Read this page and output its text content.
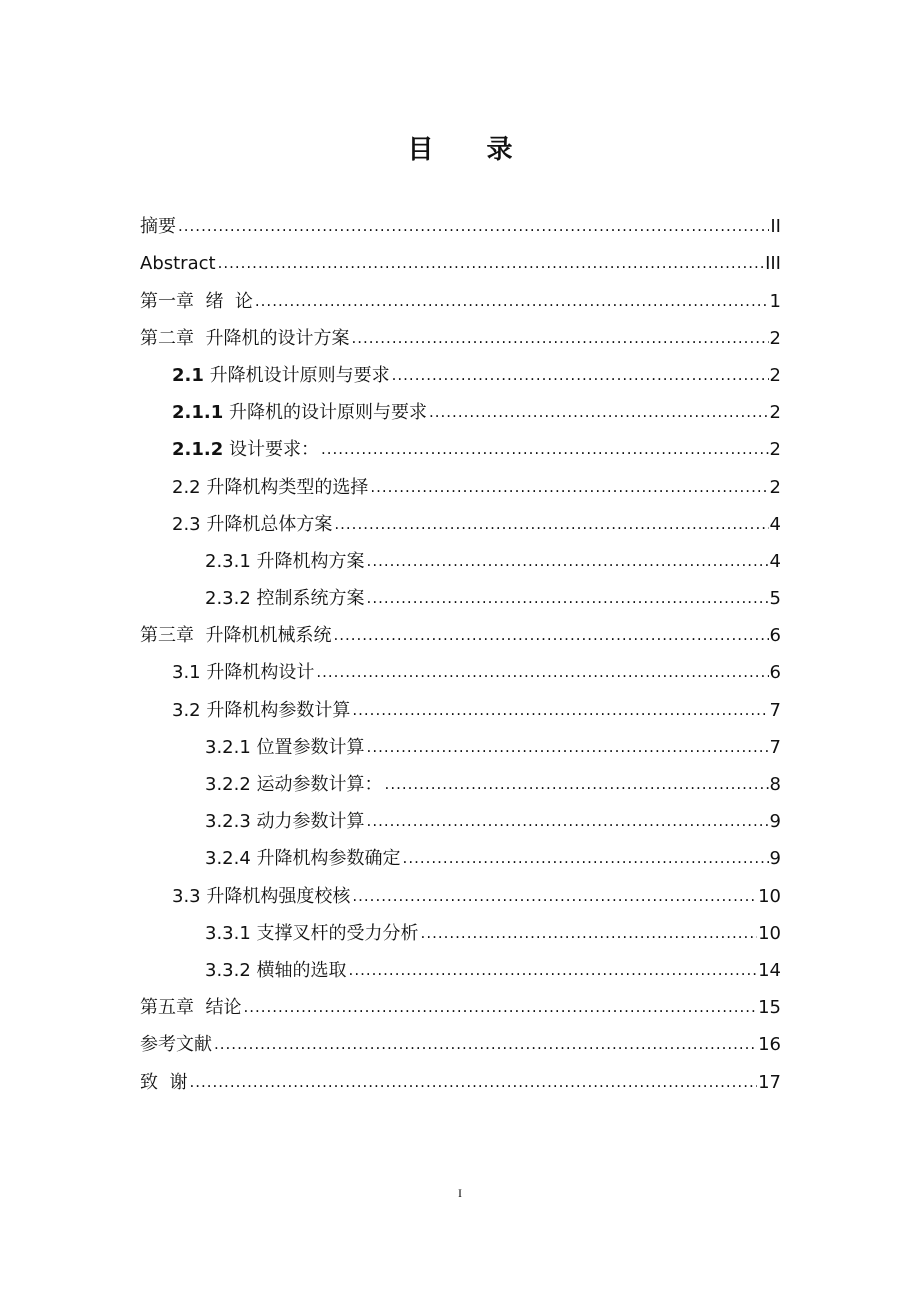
目 录
摘要 .....	II
Abstract .....	III
第一章  绪  论 .....	1
第二章  升降机的设计方案 .....	2
2.1 升降机设计原则与要求 .....	2
2.1.1 升降机的设计原则与要求 .....	2
2.1.2 设计要求： .....	2
2.2 升降机构类型的选择 .....	2
2.3 升降机总体方案 .....	4
2.3.1 升降机构方案 .....	4
2.3.2 控制系统方案 .....	5
第三章  升降机机械系统 .....	6
3.1 升降机构设计 .....	6
3.2 升降机构参数计算 .....	7
3.2.1 位置参数计算 .....	7
3.2.2 运动参数计算： .....	8
3.2.3 动力参数计算 .....	9
3.2.4 升降机构参数确定 .....	9
3.3 升降机构强度校核 .....	10
3.3.1 支撑叉杆的受力分析 .....	10
3.3.2 横轴的选取 .....	14
第五章  结论 .....	15
参考文献 .....	16
致  谢 .....	17
I
